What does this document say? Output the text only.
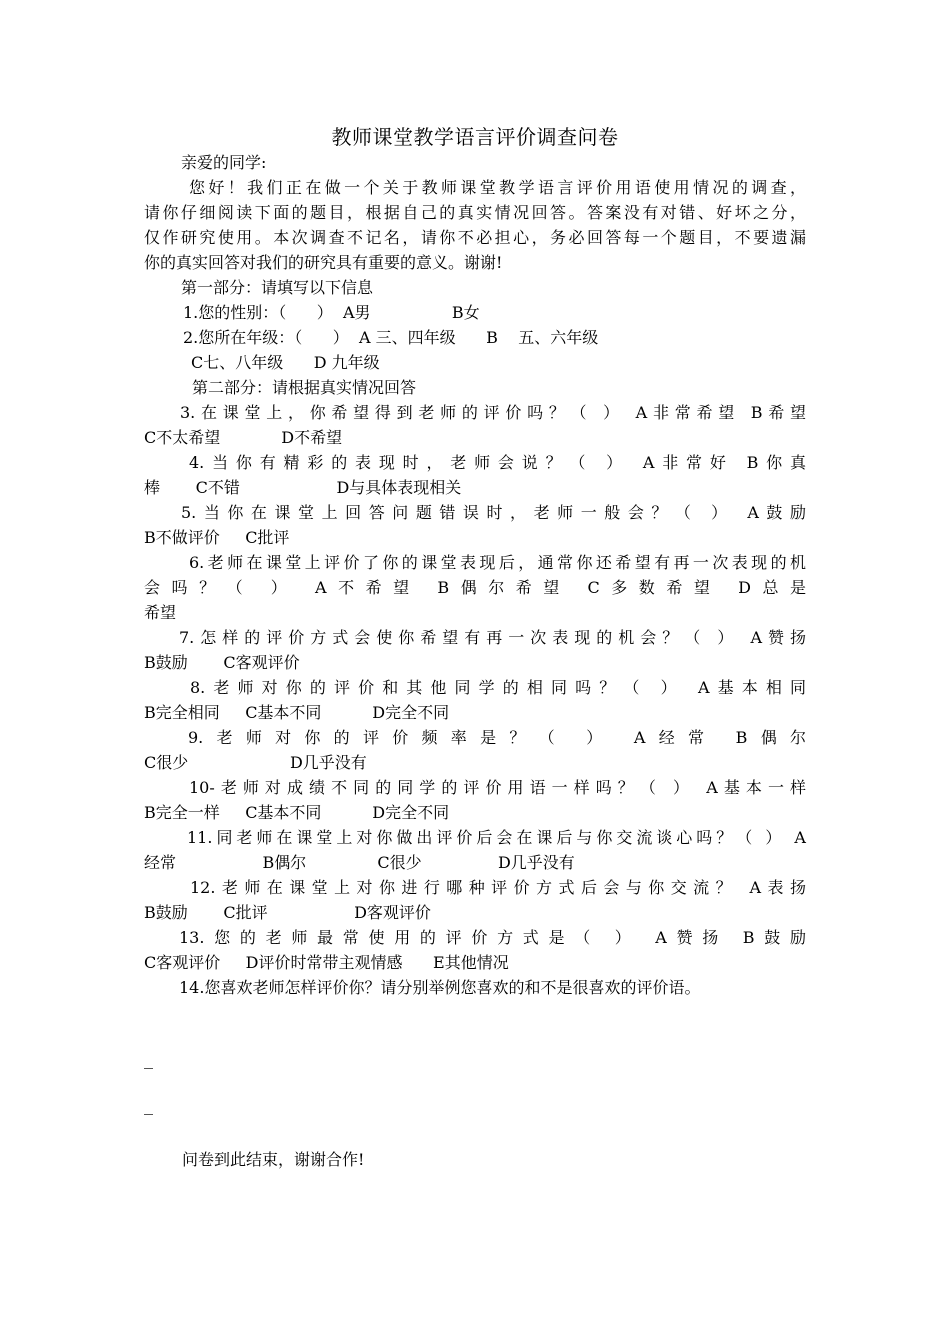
教师课堂教学语言评价调查问卷
亲爱的同学:
您好！我们正在做一个关于教师课堂教学语言评价用语使用情况的调查，
请你仔细阅读下面的题目，根据自己的真实情况回答。答案没有对错、好坏之分，
仅作研究使用。本次调查不记名，请你不必担心，务必回答每一个题目，不要遗漏
你的真实回答对我们的研究具有重要的意义。谢谢!
第一部分：请填写以下信息
1.您的性别：（      ）  A男                B女
2.您所在年级：（      ）  A 三、四年级      B    五、六年级
C七、八年级      D 九年级
第二部分：请根据真实情况回答
3.在课堂上，你希望得到老师的评价吗？（ ） A非常希望 B希望
C不太希望            D不希望
4.当你有精彩的表现时，老师会说？（ ） A非常好 B你真
棒       C不错                   D与具体表现相关
5.当你在课堂上回答问题错误时，老师一般会？（ ） A鼓励
B不做评价     C批评
6.老师在课堂上评价了你的课堂表现后，通常你还希望有再一次表现的机
会吗？（ ） A不希望 B偶尔希望 C多数希望 D总是
希望
7.怎样的评价方式会使你希望有再一次表现的机会？（ ） A赞扬
B鼓励       C客观评价
8.老师对你的评价和其他同学的相同吗？（ ） A基本相同
B完全相同     C基本不同          D完全不同
9.老师对你的评价频率是？（ ） A经常 B偶尔
C很少                    D几乎没有
10-老师对成绩不同的同学的评价用语一样吗？（ ） A基本一样
B完全一样     C基本不同          D完全不同
11.同老师在课堂上对你做出评价后会在课后与你交流谈心吗？（ ） A
经常                 B偶尔              C很少               D几乎没有
12.老师在课堂上对你进行哪种评价方式后会与你交流？ A表扬
B鼓励       C批评                 D客观评价
13.您的老师最常使用的评价方式是（ ） A赞扬 B鼓励
C客观评价     D评价时常带主观情感      E其他情况
14.您喜欢老师怎样评价你？请分别举例您喜欢的和不是很喜欢的评价语。
问卷到此结束，谢谢合作!
